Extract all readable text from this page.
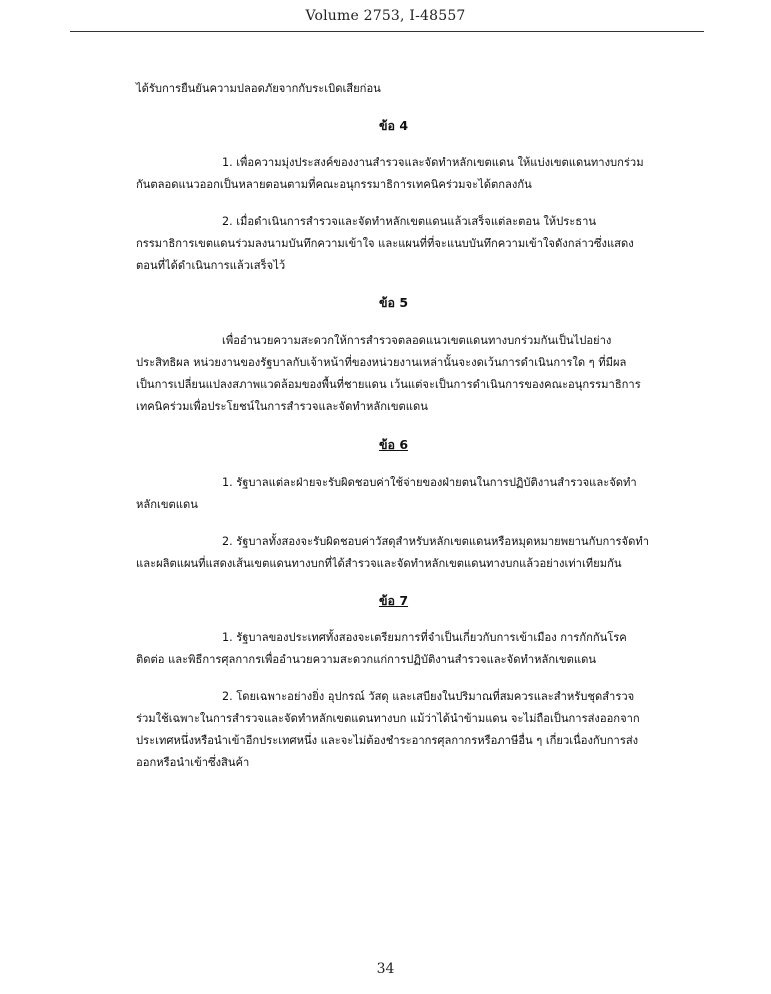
Volume 2753, I-48557

ได้รับการยืนยันความปลอดภัยจากกับระเบิดเสียก่อน

ข้อ 4

1. เพื่อความมุ่งประสงค์ของงานสำรวจและจัดทำหลักเขตแดน ให้แบ่งเขตแดนทางบกร่วมกันตลอดแนวออกเป็นหลายตอนตามที่คณะอนุกรรมาธิการเทคนิคร่วมจะได้ตกลงกัน

2. เมื่อดำเนินการสำรวจและจัดทำหลักเขตแดนแล้วเสร็จแต่ละตอน ให้ประธานกรรมาธิการเขตแดนร่วมลงนามบันทึกความเข้าใจ และแผนที่ที่จะแนบบันทึกความเข้าใจดังกล่าวซึ่งแสดงตอนที่ได้ดำเนินการแล้วเสร็จไว้

ข้อ 5

เพื่ออำนวยความสะดวกให้การสำรวจตลอดแนวเขตแดนทางบกร่วมกันเป็นไปอย่างประสิทธิผล หน่วยงานของรัฐบาลกับเจ้าหน้าที่ของหน่วยงานเหล่านั้นจะงดเว้นการดำเนินการใด ๆ ที่มีผลเป็นการเปลี่ยนแปลงสภาพแวดล้อมของพื้นที่ชายแดน เว้นแต่จะเป็นการดำเนินการของคณะอนุกรรมาธิการเทคนิคร่วมเพื่อประโยชน์ในการสำรวจและจัดทำหลักเขตแดน

ข้อ 6

1. รัฐบาลแต่ละฝ่ายจะรับผิดชอบค่าใช้จ่ายของฝ่ายตนในการปฏิบัติงานสำรวจและจัดทำหลักเขตแดน

2. รัฐบาลทั้งสองจะรับผิดชอบค่าวัสดุสำหรับหลักเขตแดนหรือหมุดหมายพยานกับการจัดทำและผลิตแผนที่แสดงเส้นเขตแดนทางบกที่ได้สำรวจและจัดทำหลักเขตแดนทางบกแล้วอย่างเท่าเทียมกัน

ข้อ 7

1. รัฐบาลของประเทศทั้งสองจะเตรียมการที่จำเป็นเกี่ยวกับการเข้าเมือง การกักกันโรคติดต่อ และพิธีการศุลกากรเพื่ออำนวยความสะดวกแก่การปฏิบัติงานสำรวจและจัดทำหลักเขตแดน

2. โดยเฉพาะอย่างยิ่ง อุปกรณ์ วัสดุ และเสบียงในปริมาณที่สมควรและสำหรับชุดสำรวจร่วมใช้เฉพาะในการสำรวจและจัดทำหลักเขตแดนทางบก แม้ว่าได้นำข้ามแดน จะไม่ถือเป็นการส่งออกจากประเทศหนึ่งหรือนำเข้าอีกประเทศหนึ่ง และจะไม่ต้องชำระอากรศุลกากรหรือภาษีอื่น ๆ เกี่ยวเนื่องกับการส่งออกหรือนำเข้าซึ่งสินค้า

34
